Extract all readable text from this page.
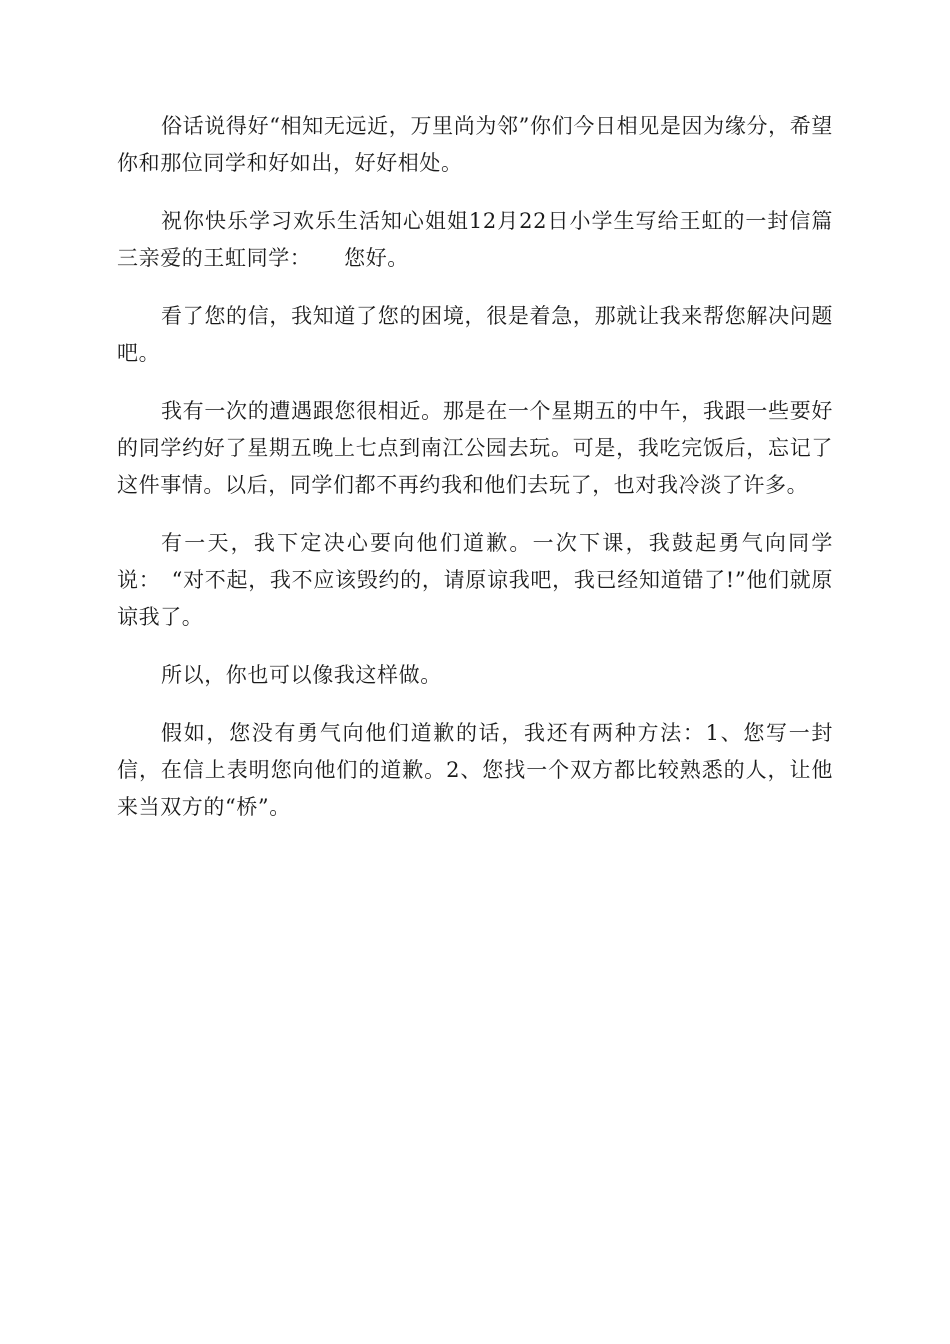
俗话说得好“相知无远近，万里尚为邻”你们今日相见是因为缘分，希望你和那位同学和好如出，好好相处。

祝你快乐学习欢乐生活知心姐姐12月22日小学生写给王虹的一封信篇三亲爱的王虹同学：　　您好。

看了您的信，我知道了您的困境，很是着急，那就让我来帮您解决问题吧。

我有一次的遭遇跟您很相近。那是在一个星期五的中午，我跟一些要好的同学约好了星期五晚上七点到南江公园去玩。可是，我吃完饭后，忘记了这件事情。以后，同学们都不再约我和他们去玩了，也对我冷淡了许多。

有一天，我下定决心要向他们道歉。一次下课，我鼓起勇气向同学说：　“对不起，我不应该毁约的，请原谅我吧，我已经知道错了!”他们就原谅我了。

所以，你也可以像我这样做。

假如，您没有勇气向他们道歉的话，我还有两种方法：1、您写一封信，在信上表明您向他们的道歉。2、您找一个双方都比较熟悉的人，让他来当双方的“桥”。
